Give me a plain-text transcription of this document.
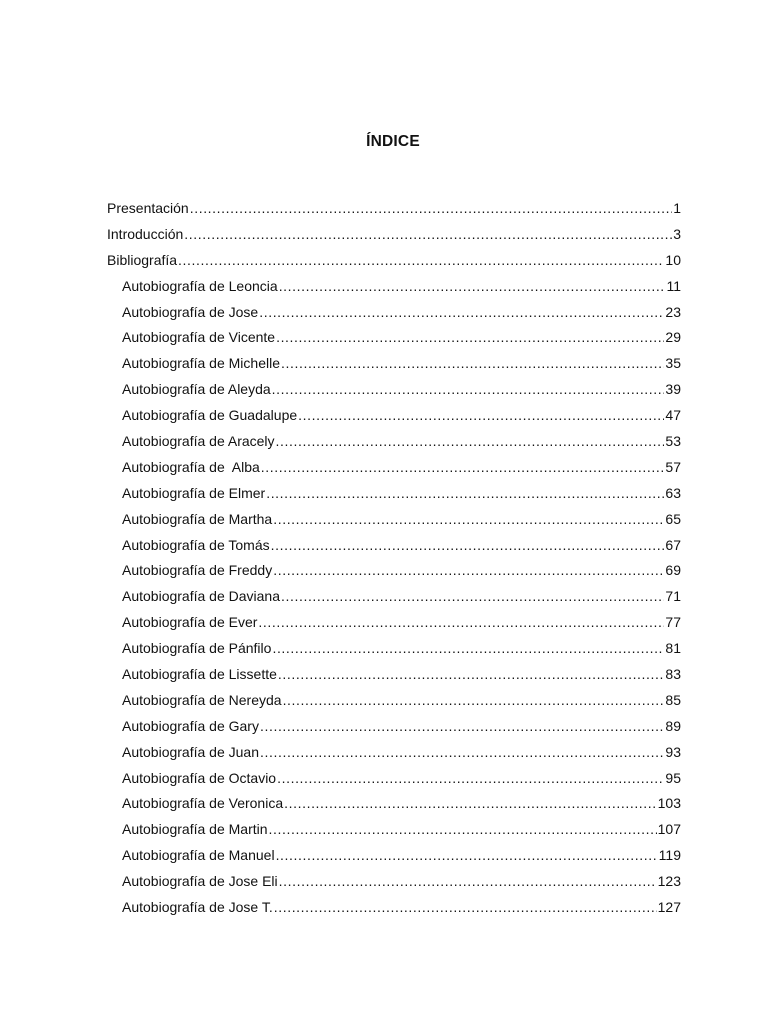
ÍNDICE
Presentación .....	1
Introducción .....	3
Bibliografía .....	10
Autobiografía de Leoncia .....	11
Autobiografía de Jose .....	23
Autobiografía de Vicente .....	29
Autobiografía de Michelle .....	35
Autobiografía de Aleyda .....	39
Autobiografía de Guadalupe .....	47
Autobiografía de Aracely .....	53
Autobiografía de  Alba .....	57
Autobiografía de Elmer .....	63
Autobiografía de Martha .....	65
Autobiografía de Tomás .....	67
Autobiografía de Freddy .....	69
Autobiografía de Daviana .....	71
Autobiografía de Ever .....	77
Autobiografía de Pánfilo .....	81
Autobiografía de Lissette .....	83
Autobiografía de Nereyda .....	85
Autobiografía de Gary .....	89
Autobiografía de Juan .....	93
Autobiografía de Octavio .....	95
Autobiografía de Veronica .....	103
Autobiografía de Martin .....	107
Autobiografía de Manuel .....	119
Autobiografía de Jose Eli .....	123
Autobiografía de Jose T. .....	127
